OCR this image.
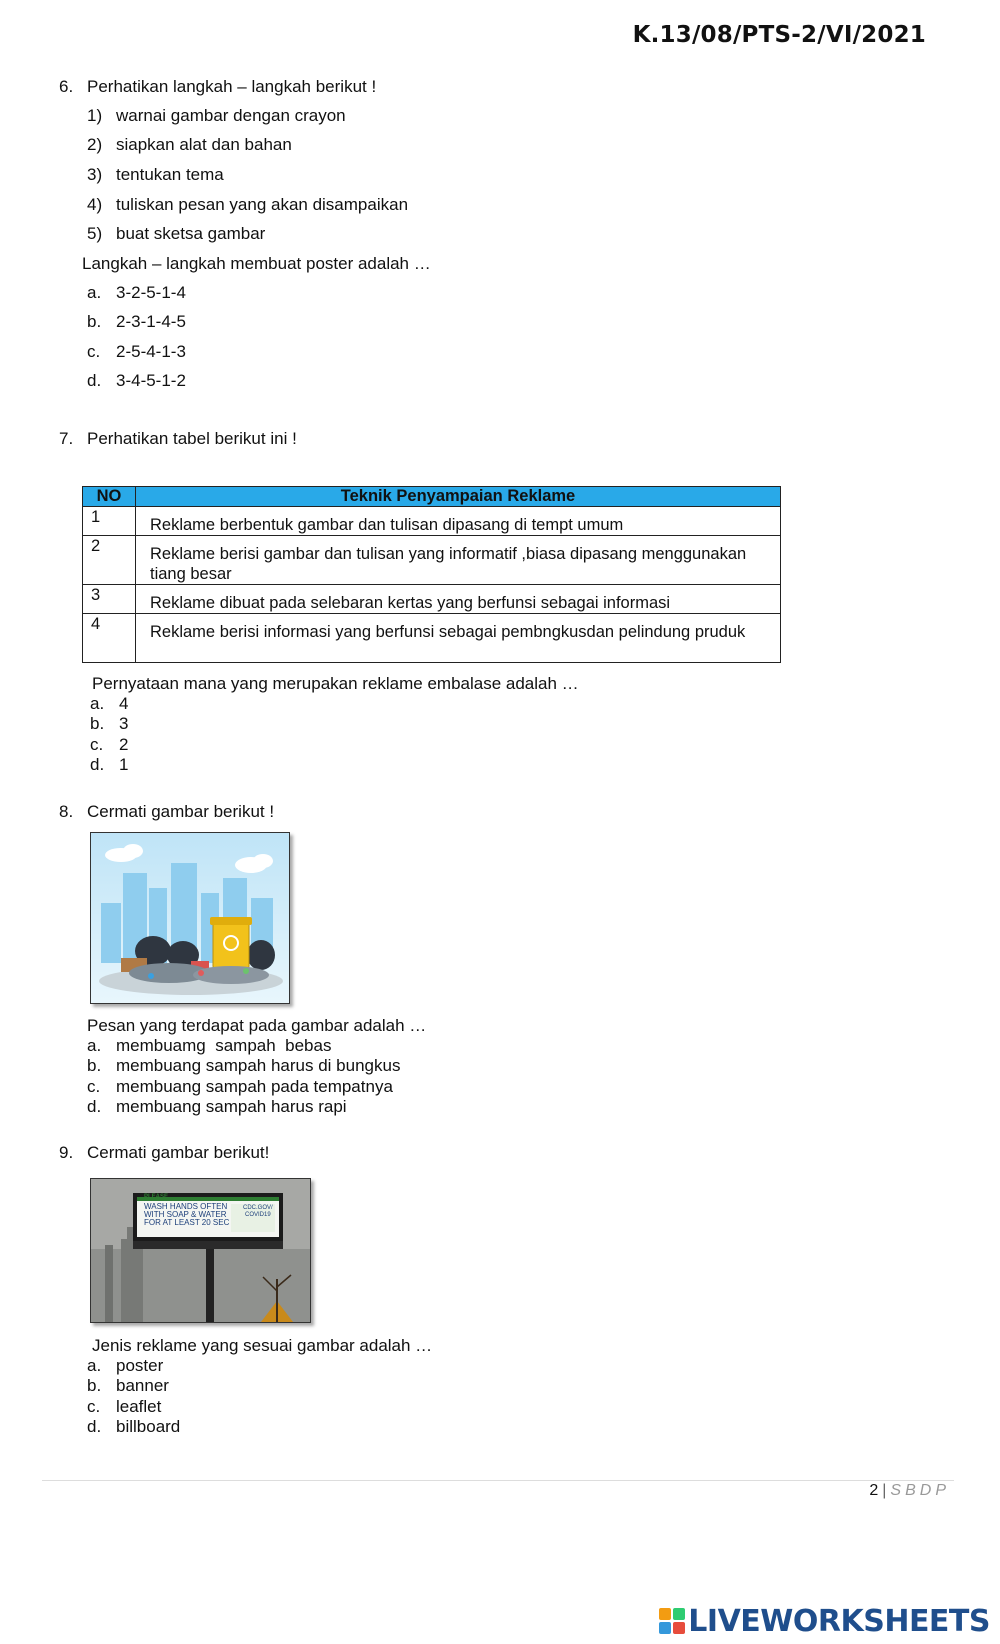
K.13/08/PTS-2/VI/2021
6. Perhatikan langkah – langkah berikut !
1) warnai gambar dengan crayon
2) siapkan alat dan bahan
3) tentukan tema
4) tuliskan pesan yang akan disampaikan
5) buat sketsa gambar
Langkah – langkah membuat poster adalah …
a. 3-2-5-1-4
b. 2-3-1-4-5
c. 2-5-4-1-3
d. 3-4-5-1-2
7. Perhatikan tabel berikut ini !
NO	Teknik Penyampaian Reklame
1	Reklame berbentuk gambar dan tulisan dipasang di tempt umum
2	Reklame berisi gambar dan tulisan yang informatif ,biasa dipasang menggunakan tiang besar
3	Reklame dibuat pada selebaran kertas yang berfunsi sebagai informasi
4	Reklame berisi informasi yang berfunsi sebagai pembngkusdan pelindung pruduk
Pernyataan mana yang merupakan reklame embalase adalah …
a. 4
b. 3
c. 2
d. 1
8. Cermati gambar berikut !
Pesan yang terdapat pada gambar adalah …
a. membuamg  sampah  bebas
b. membuang sampah harus di bungkus
c. membuang sampah pada tempatnya
d. membuang sampah harus rapi
9. Cermati gambar berikut!
PLEASE
WASH HANDS OFTEN
WITH SOAP & WATER
FOR AT LEAST 20 SEC
CDC.GOV/
COVID19
Jenis reklame yang sesuai gambar adalah …
a. poster
b. banner
c. leaflet
d. billboard
2 | SBDP
LIVEWORKSHEETS
